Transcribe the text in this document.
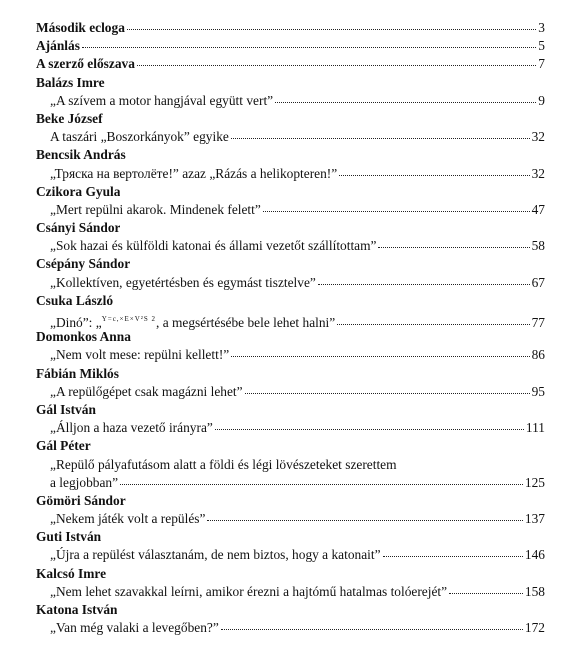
Második ecloga	3
Ajánlás	5
A szerző előszava	7
Balázs Imre
„A szívem a motor hangjával együtt vert”	9
Beke József
A taszári „Boszorkányok” egyike	32
Bencsik András
„Тряска на вертолёте!” azaz „Rázás a helikopteren!”	32
Czikora Gyula
„Mert repülni akarok. Mindenek felett”	47
Csányi Sándor
„Sok hazai és külföldi katonai és állami vezetőt szállítottam”	58
Csépány Sándor
„Kollektíven, egyetértésben és egymást tisztelve”	67
Csuka László
„Dinó”: „$^{Y=c,\times E\times V^2S 2}$, a megsértésébe bele lehet halni”	77
Domonkos Anna
„Nem volt mese: repülni kellett!”	86
Fábián Miklós
„A repülőgépet csak magázni lehet”	95
Gál István
„Álljon a haza vezető irányra”	111
Gál Péter
„Repülő pályafutásom alatt a földi és légi lövészeteket szerettem
a legjobban”	125
Gömöri Sándor
„Nekem játék volt a repülés”	137
Guti István
„Újra a repülést választanám, de nem biztos, hogy a katonait”	146
Kalcsó Imre
„Nem lehet szavakkal leírni, amikor érezni a hajtómű hatalmas tolóerejét”	158
Katona István
„Van még valaki a levegőben?”	172
